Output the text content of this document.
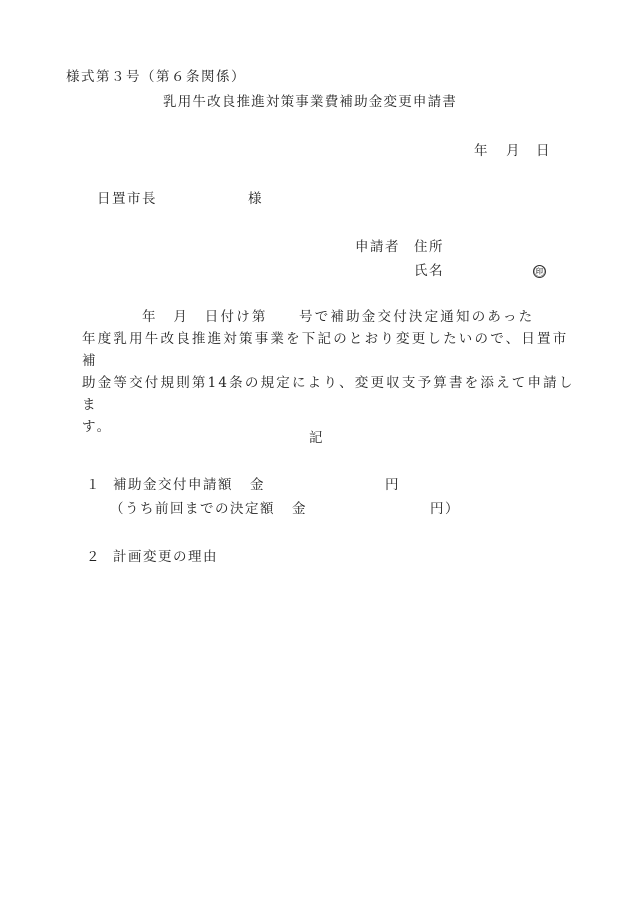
様式第３号（第６条関係）
乳用牛改良推進対策事業費補助金変更申請書
年 月 日
日置市長	様
申請者 住所
氏名	㊞
年　月　日付け第　　号で補助金交付決定通知のあった
年度乳用牛改良推進対策事業を下記のとおり変更したいので、日置市補
助金等交付規則第14条の規定により、変更収支予算書を添えて申請しま
す。
記
１ 補助金交付申請額 金	円
（うち前回までの決定額 金	円）
２ 計画変更の理由
